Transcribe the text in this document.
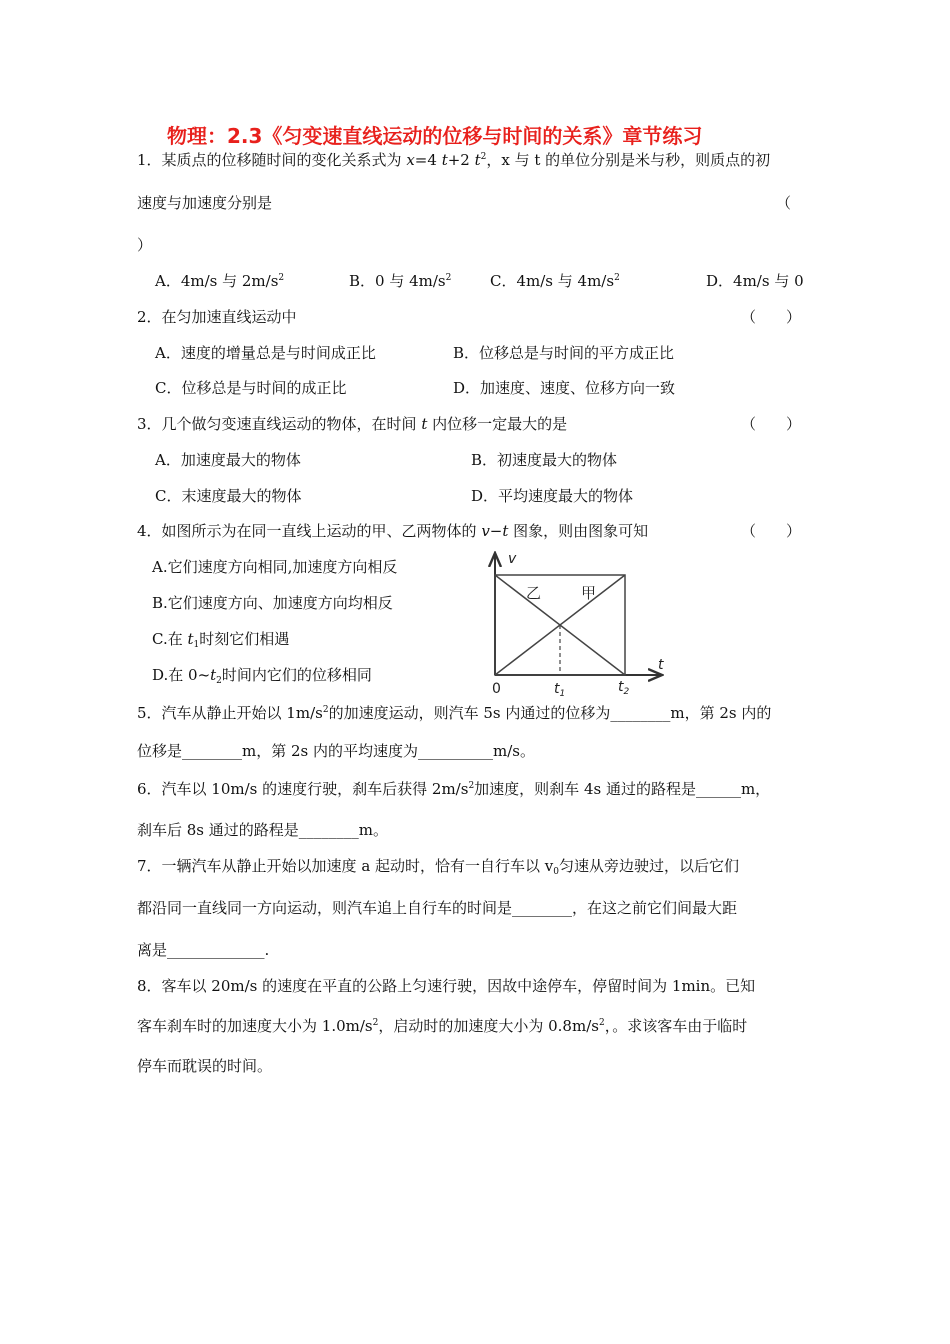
物理：2.3《匀变速直线运动的位移与时间的关系》章节练习
1．某质点的位移随时间的变化关系式为 x=4 t+2 $t^2$，x 与 t 的单位分别是米与秒，则质点的初
速度与加速度分别是	（
）
A．4m/s 与 $2m/s^2$	B．0 与 $4m/s^2$	C．4m/s 与 $4m/s^2$	D．4m/s 与 0
2．在匀加速直线运动中	（　　）
A．速度的增量总是与时间成正比	B．位移总是与时间的平方成正比
C．位移总是与时间的成正比	D．加速度、速度、位移方向一致
3．几个做匀变速直线运动的物体，在时间 t 内位移一定最大的是	（　　）
A．加速度最大的物体	B．初速度最大的物体
C．末速度最大的物体	D．平均速度最大的物体
4．如图所示为在同一直线上运动的甲、乙两物体的 v−t 图象，则由图象可知	（　　）
A.它们速度方向相同,加速度方向相反
B.它们速度方向、加速度方向均相反
C.在 $t_1$时刻它们相遇
D.在 $0\sim t_2$时间内它们的位移相同
v
t
0	$t_1$	$t_2$
乙	甲
5．汽车从静止开始以 $1m/s^2$的加速度运动，则汽车 5s 内通过的位移为________m，第 2s 内的
位移是________m，第 2s 内的平均速度为__________m/s。
6．汽车以 10m/s 的速度行驶，刹车后获得 $2m/s^2$加速度，则刹车 4s 通过的路程是______m，
刹车后 8s 通过的路程是________m。
7．一辆汽车从静止开始以加速度 a 起动时，恰有一自行车以 $v_0$匀速从旁边驶过，以后它们
都沿同一直线同一方向运动，则汽车追上自行车的时间是________，在这之前它们间最大距
离是_____________.
8．客车以 20m/s 的速度在平直的公路上匀速行驶，因故中途停车，停留时间为 1min。已知
客车刹车时的加速度大小为 $1.0m/s^2$，启动时的加速度大小为 $0.8m/s^2$，。求该客车由于临时
停车而耽误的时间。
